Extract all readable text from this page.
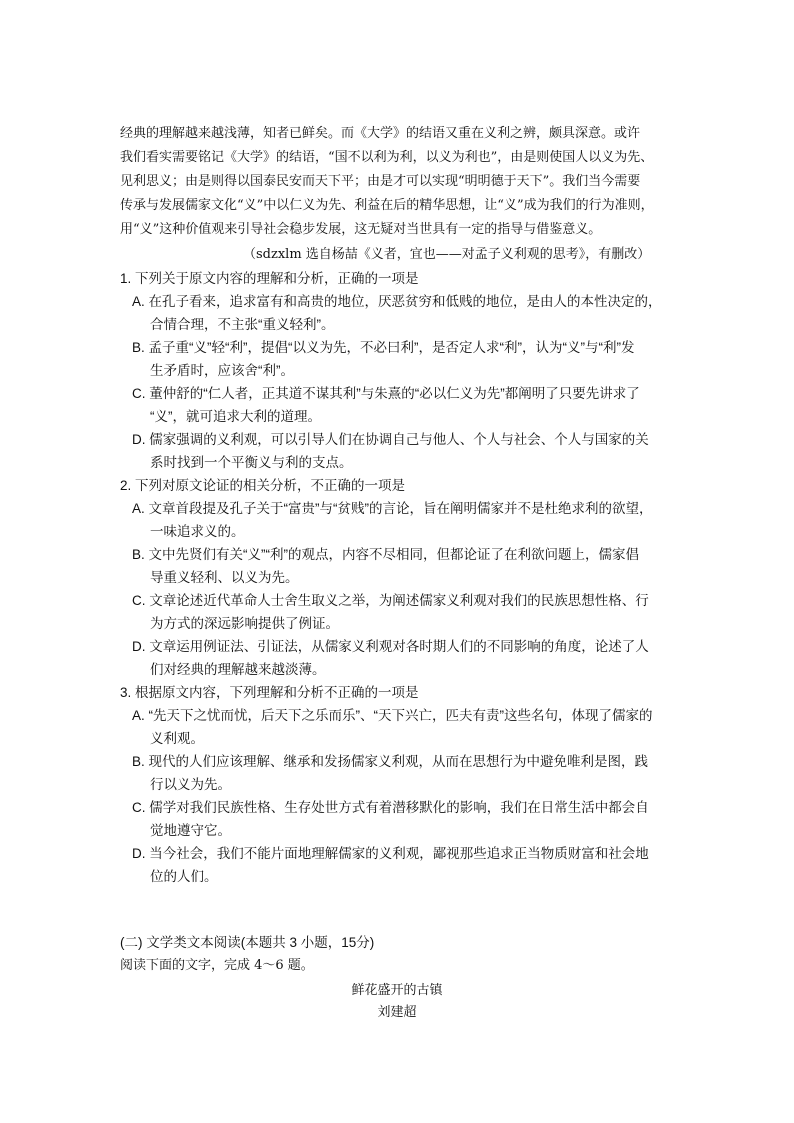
经典的理解越来越浅薄，知者已鲜矣。而《大学》的结语又重在义利之辨，颇具深意。或许
我们看实需要铭记《大学》的结语，“国不以利为利，以义为利也”，由是则使国人以义为先、
见利思义；由是则得以国泰民安而天下平；由是才可以实现“明明德于天下”。我们当今需要
传承与发展儒家文化“义”中以仁义为先、利益在后的精华思想，让“义”成为我们的行为准则，
用“义”这种价值观来引导社会稳步发展，这无疑对当世具有一定的指导与借鉴意义。
（sdzxlm 选自杨喆《义者，宜也——对孟子义利观的思考》，有删改）
1. 下列关于原文内容的理解和分析，正确的一项是
A. 在孔子看来，追求富有和高贵的地位，厌恶贫穷和低贱的地位，是由人的本性决定的，
合情合理，不主张“重义轻利”。
B. 孟子重“义”轻“利”，提倡“以义为先，不必曰利”，是否定人求“利”，认为“义”与“利”发
生矛盾时，应该舍“利”。
C. 董仲舒的“仁人者，正其道不谋其利”与朱熹的“必以仁义为先”都阐明了只要先讲求了
“义”，就可追求大利的道理。
D. 儒家强调的义利观，可以引导人们在协调自己与他人、个人与社会、个人与国家的关
系时找到一个平衡义与利的支点。
2. 下列对原文论证的相关分析，不正确的一项是
A. 文章首段提及孔子关于“富贵”与“贫贱”的言论，旨在阐明儒家并不是杜绝求利的欲望，
一味追求义的。
B. 文中先贤们有关“义”“利”的观点，内容不尽相同，但都论证了在利欲问题上，儒家倡
导重义轻利、以义为先。
C. 文章论述近代革命人士舍生取义之举，为阐述儒家义利观对我们的民族思想性格、行
为方式的深远影响提供了例证。
D. 文章运用例证法、引证法，从儒家义利观对各时期人们的不同影响的角度，论述了人
们对经典的理解越来越淡薄。
3. 根据原文内容，下列理解和分析不正确的一项是
A. “先天下之忧而忧，后天下之乐而乐”、“天下兴亡，匹夫有责”这些名句，体现了儒家的
义利观。
B. 现代的人们应该理解、继承和发扬儒家义利观，从而在思想行为中避免唯利是图，践
行以义为先。
C. 儒学对我们民族性格、生存处世方式有着潜移默化的影响，我们在日常生活中都会自
觉地遵守它。
D. 当今社会，我们不能片面地理解儒家的义利观，鄙视那些追求正当物质财富和社会地
位的人们。
(二) 文学类文本阅读(本题共 3 小题，15分)
阅读下面的文字，完成 4～6 题。
鲜花盛开的古镇
刘建超
